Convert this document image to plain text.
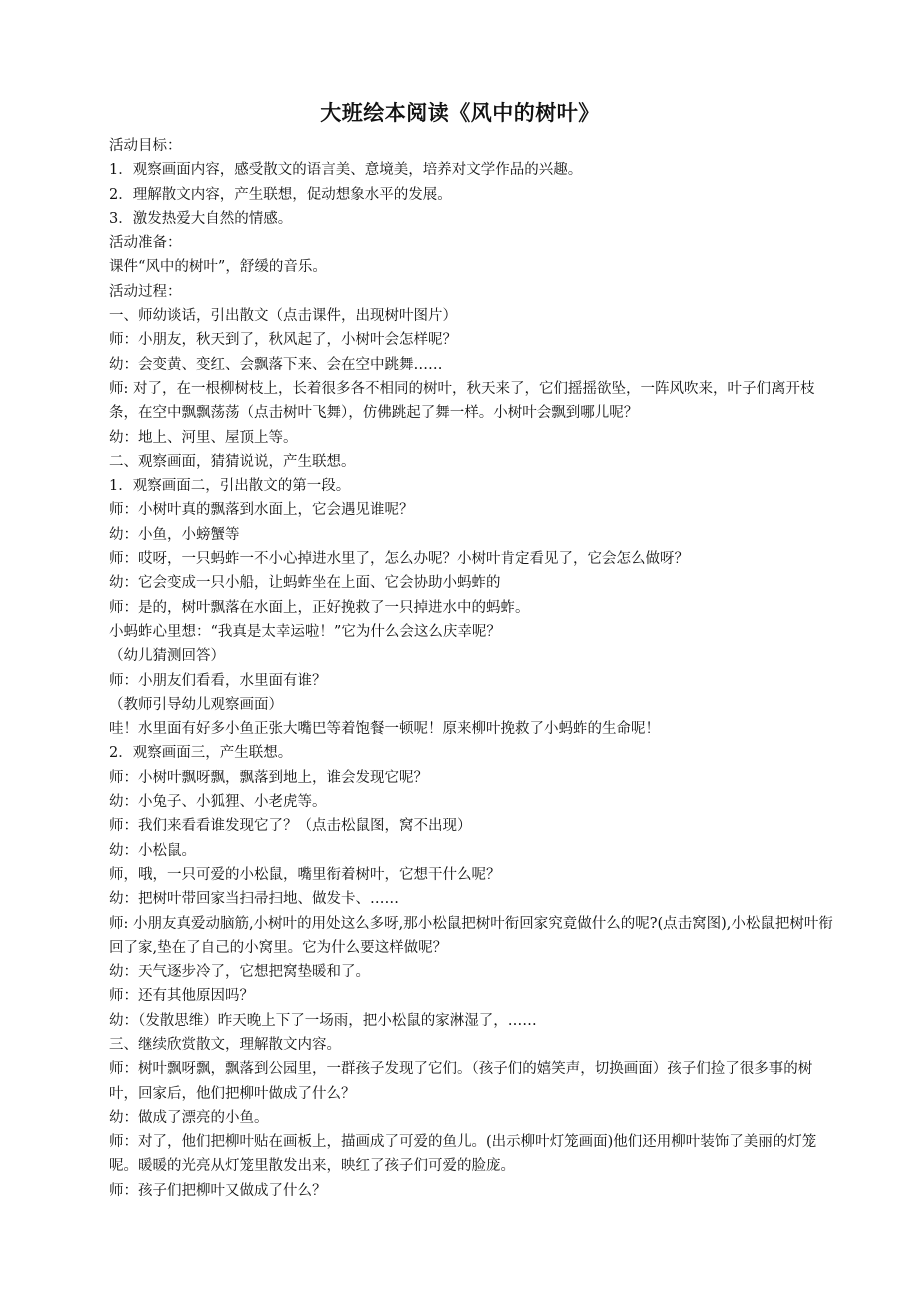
大班绘本阅读《风中的树叶》

活动目标：

1．观察画面内容，感受散文的语言美、意境美，培养对文学作品的兴趣。

2．理解散文内容，产生联想，促动想象水平的发展。

3．激发热爱大自然的情感。

活动准备：

课件“风中的树叶”，舒缓的音乐。

活动过程：

一、师幼谈话，引出散文（点击课件，出现树叶图片）

师：小朋友，秋天到了，秋风起了，小树叶会怎样呢？

幼：会变黄、变红、会飘落下来、会在空中跳舞……

师: 对了，在一根柳树枝上，长着很多各不相同的树叶，秋天来了，它们摇摇欲坠，一阵风吹来，叶子们离开枝条，在空中飘飘荡荡（点击树叶飞舞），仿佛跳起了舞一样。小树叶会飘到哪儿呢？

幼：地上、河里、屋顶上等。

二、观察画面，猜猜说说，产生联想。

1．观察画面二，引出散文的第一段。

师：小树叶真的飘落到水面上，它会遇见谁呢？

幼：小鱼，小螃蟹等

师：哎呀，一只蚂蚱一不小心掉进水里了，怎么办呢？小树叶肯定看见了，它会怎么做呀？

幼：它会变成一只小船，让蚂蚱坐在上面、它会协助小蚂蚱的

师：是的，树叶飘落在水面上，正好挽救了一只掉进水中的蚂蚱。

小蚂蚱心里想：“我真是太幸运啦！”它为什么会这么庆幸呢？

（幼儿猜测回答）

师：小朋友们看看，水里面有谁？

（教师引导幼儿观察画面）

哇！水里面有好多小鱼正张大嘴巴等着饱餐一顿呢！原来柳叶挽救了小蚂蚱的生命呢！

2．观察画面三，产生联想。

师：小树叶飘呀飘，飘落到地上，谁会发现它呢？

幼：小兔子、小狐狸、小老虎等。

师：我们来看看谁发现它了？（点击松鼠图，窝不出现）

幼：小松鼠。

师，哦，一只可爱的小松鼠，嘴里衔着树叶，它想干什么呢？

幼：把树叶带回家当扫帚扫地、做发卡、……

师: 小朋友真爱动脑筋,小树叶的用处这么多呀,那小松鼠把树叶衔回家究竟做什么的呢?(点击窝图),小松鼠把树叶衔回了家,垫在了自己的小窝里。它为什么要这样做呢？

幼：天气逐步冷了，它想把窝垫暖和了。

师：还有其他原因吗？

幼：（发散思维）昨天晚上下了一场雨，把小松鼠的家淋湿了，……

三、继续欣赏散文，理解散文内容。

师：树叶飘呀飘，飘落到公园里，一群孩子发现了它们。（孩子们的嬉笑声，切换画面）孩子们捡了很多事的树叶，回家后，他们把柳叶做成了什么？

幼：做成了漂亮的小鱼。

师：对了，他们把柳叶贴在画板上，描画成了可爱的鱼儿。(出示柳叶灯笼画面)他们还用柳叶装饰了美丽的灯笼呢。暖暖的光亮从灯笼里散发出来，映红了孩子们可爱的脸庞。

师：孩子们把柳叶又做成了什么？
